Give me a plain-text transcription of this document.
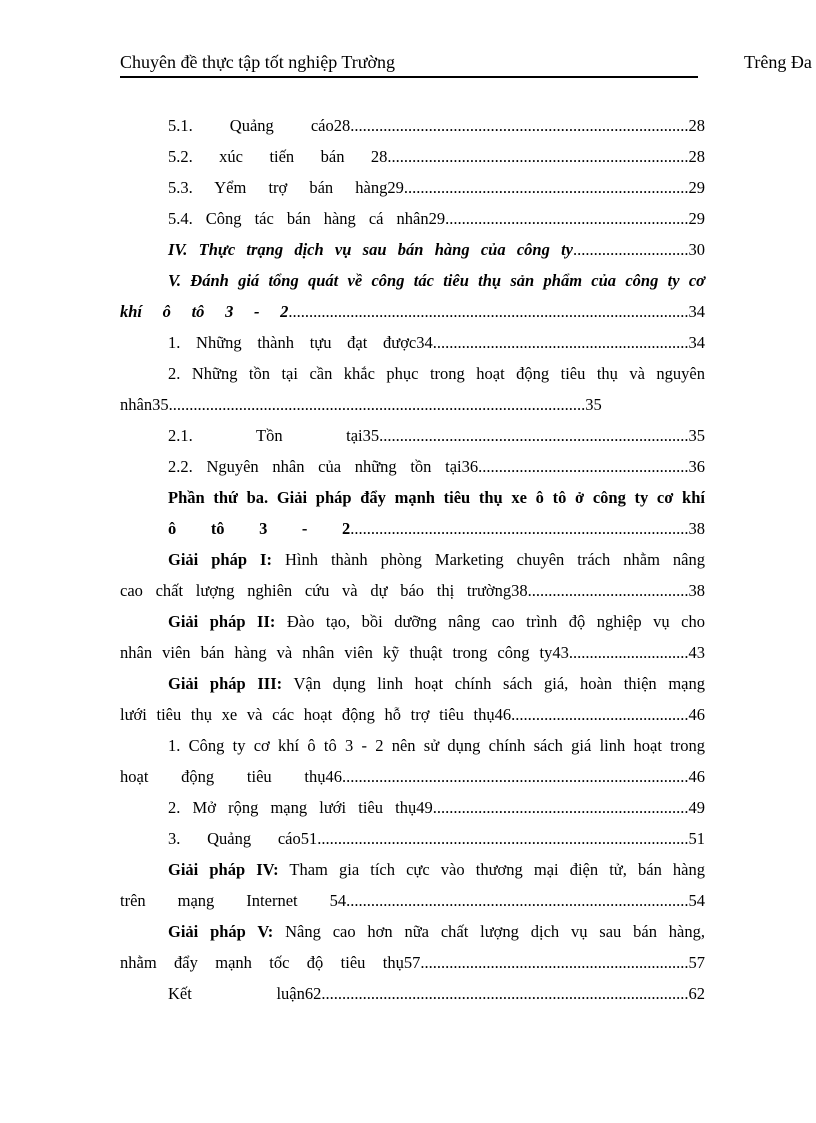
Chuyên đề thực tập tốt nghiệp Trường	Trêng Đa
5.1. Quảng cáo28..................................................................................28
5.2. xúc tiến bán 28.........................................................................28
5.3. Yểm trợ bán hàng29.....................................................................29
5.4. Công tác bán hàng cá nhân29...........................................................29
IV. Thực trạng dịch vụ sau bán hàng của công ty............................30
V. Đánh giá tổng quát về công tác tiêu thụ sản phẩm của công ty cơ
khí ô tô 3 - 2.................................................................................................34
1. Những thành tựu đạt được34..............................................................34
2. Những tồn tại cần khắc phục trong hoạt động tiêu thụ và nguyên
nhân35.....................................................................................................35
2.1. Tồn tại35...........................................................................35
2.2. Nguyên nhân của những tồn tại36...................................................36
Phần thứ ba. Giải pháp đẩy mạnh tiêu thụ xe ô tô ở công ty cơ khí
ô tô 3 - 2..................................................................................38
Giải pháp I: Hình thành phòng Marketing chuyên trách nhằm nâng
cao chất lượng nghiên cứu và dự báo thị trường38.......................................38
Giải pháp II: Đào tạo, bồi dưỡng nâng cao trình độ nghiệp vụ cho
nhân viên bán hàng và nhân viên kỹ thuật trong công ty43.............................43
Giải pháp III: Vận dụng linh hoạt chính sách giá, hoàn thiện mạng
lưới tiêu thụ xe và các hoạt động hỗ trợ tiêu thụ46...........................................46
1. Công ty cơ khí ô tô 3 - 2 nên sử dụng chính sách giá linh hoạt trong
hoạt động tiêu thụ46....................................................................................46
2. Mở rộng mạng lưới tiêu thụ49..............................................................49
3. Quảng cáo51..........................................................................................51
Giải pháp IV: Tham gia tích cực vào thương mại điện tử, bán hàng
trên mạng Internet 54...................................................................................54
Giải pháp V: Nâng cao hơn nữa chất lượng dịch vụ sau bán hàng,
nhằm đẩy mạnh tốc độ tiêu thụ57.................................................................57
Kết luận62.........................................................................................62
